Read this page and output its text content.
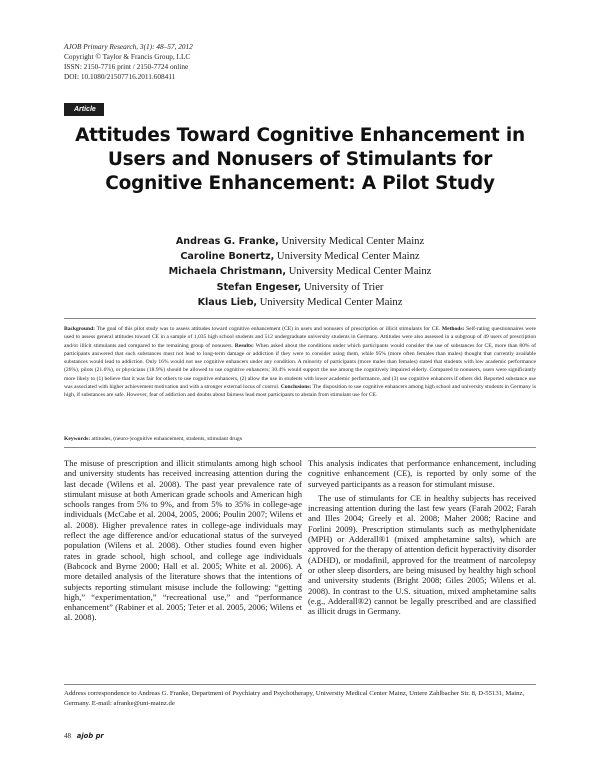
AJOB Primary Research, 3(1): 48–57, 2012
Copyright © Taylor & Francis Group, LLC
ISSN: 2150-7716 print / 2150-7724 online
DOI: 10.1080/21507716.2011.608411
Article
Attitudes Toward Cognitive Enhancement in Users and Nonusers of Stimulants for Cognitive Enhancement: A Pilot Study
Andreas G. Franke, University Medical Center Mainz
Caroline Bonertz, University Medical Center Mainz
Michaela Christmann, University Medical Center Mainz
Stefan Engeser, University of Trier
Klaus Lieb, University Medical Center Mainz
Background: The goal of this pilot study was to assess attitudes toward cognitive enhancement (CE) in users and nonusers of prescription or illicit stimulants for CE. Methods: Self-rating questionnaires were used to assess general attitudes toward CE in a sample of 1,035 high school students and 512 undergraduate university students in Germany. Attitudes were also assessed in a subgroup of 49 users of prescription and/or illicit stimulants and compared to the remaining group of nonusers. Results: When asked about the conditions under which participants would consider the use of substances for CE, more than 80% of participants answered that such substances must not lead to long-term damage or addiction if they were to consider using them, while 95% (more often females than males) thought that currently available substances would lead to addiction. Only 16% would not use cognitive enhancers under any condition. A minority of participants (more males than females) stated that students with low academic performance (26%), pilots (21.6%), or physicians (18.9%) should be allowed to use cognitive enhancers; 30.4% would support the use among the cognitively impaired elderly. Compared to nonusers, users were significantly more likely to (1) believe that it was fair for others to use cognitive enhancers, (2) allow the use in students with lower academic performance, and (3) use cognitive enhancers if others did. Reported substance use was associated with higher achievement motivation and with a stronger external locus of control. Conclusions: The disposition to use cognitive enhancers among high school and university students in Germany is high, if substances are safe. However, fear of addiction and doubts about fairness lead most participants to abstain from stimulant use for CE.
Keywords: attitudes, (neuro-)cognitive enhancement, students, stimulant drugs

The misuse of prescription and illicit stimulants among high school and university students has received increasing attention during the last decade (Wilens et al. 2008). The past year prevalence rate of stimulant misuse at both American grade schools and American high schools ranges from 5% to 9%, and from 5% to 35% in college-age individuals (McCabe et al. 2004, 2005, 2006; Poulin 2007; Wilens et al. 2008). Higher prevalence rates in college-age individuals may reflect the age difference and/or educational status of the surveyed population (Wilens et al. 2008). Other studies found even higher rates in grade school, high school, and college age individuals (Babcock and Byrne 2000; Hall et al. 2005; White et al. 2006). A more detailed analysis of the literature shows that the intentions of subjects reporting stimulant misuse include the following: “getting high,” “experimentation,” “recreational use,” and “performance enhancement” (Rabiner et al. 2005; Teter et al. 2005, 2006; Wilens et al. 2008).

This analysis indicates that performance enhancement, including cognitive enhancement (CE), is reported by only some of the surveyed participants as a reason for stimulant misuse.

The use of stimulants for CE in healthy subjects has received increasing attention during the last few years (Farah 2002; Farah and Illes 2004; Greely et al. 2008; Maher 2008; Racine and Forlini 2009). Prescription stimulants such as methylphenidate (MPH) or Adderall®1 (mixed amphetamine salts), which are approved for the therapy of attention deficit hyperactivity disorder (ADHD), or modafinil, approved for the treatment of narcolepsy or other sleep disorders, are being misused by healthy high school and university students (Bright 2008; Giles 2005; Wilens et al. 2008). In contrast to the U.S. situation, mixed amphetamine salts (e.g., Adderall®2) cannot be legally prescribed and are classified as illicit drugs in Germany.

Address correspondence to Andreas G. Franke, Department of Psychiatry and Psychotherapy, University Medical Center Mainz, Untere Zahlbacher Str. 8, D-55131, Mainz, Germany. E-mail: afranke@uni-mainz.de
48 ajob pr
